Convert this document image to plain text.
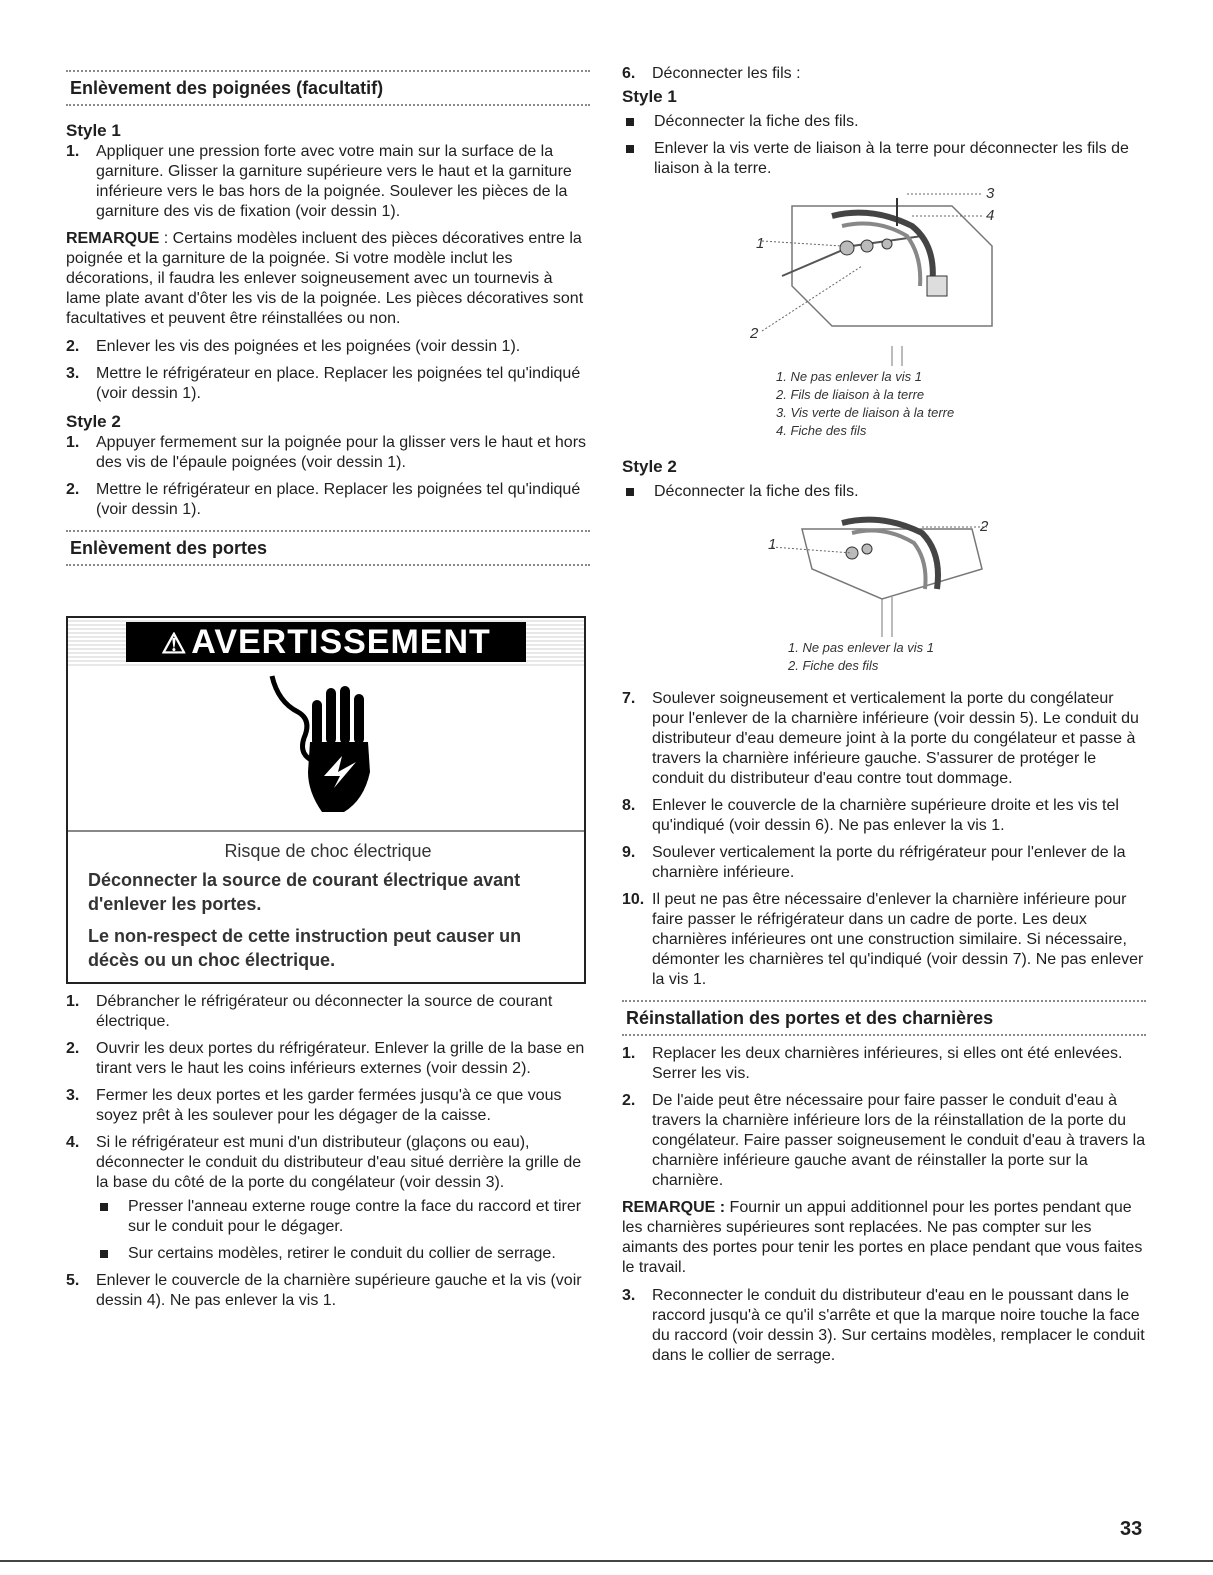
Enlèvement des poignées (facultatif)
Style 1
1.	Appliquer une pression forte avec votre main sur la surface de la garniture. Glisser la garniture supérieure vers le haut et la garniture inférieure vers le bas hors de la poignée. Soulever les pièces de la garniture des vis de fixation (voir dessin 1).

REMARQUE : Certains modèles incluent des pièces décoratives entre la poignée et la garniture de la poignée. Si votre modèle inclut les décorations, il faudra les enlever soigneusement avec un tournevis à lame plate avant d'ôter les vis de la poignée. Les pièces décoratives sont facultatives et peuvent être réinstallées ou non.

2.	Enlever les vis des poignées et les poignées (voir dessin 1).
3.	Mettre le réfrigérateur en place. Replacer les poignées tel qu'indiqué (voir dessin 1).
Style 2
1.	Appuyer fermement sur la poignée pour la glisser vers le haut et hors des vis de l'épaule poignées (voir dessin 1).
2.	Mettre le réfrigérateur en place. Replacer les poignées tel qu'indiqué (voir dessin 1).
Enlèvement des portes
⚠ AVERTISSEMENT
Risque de choc électrique
Déconnecter la source de courant électrique avant d'enlever les portes.
Le non-respect de cette instruction peut causer un décès ou un choc électrique.
1.	Débrancher le réfrigérateur ou déconnecter la source de courant électrique.
2.	Ouvrir les deux portes du réfrigérateur. Enlever la grille de la base en tirant vers le haut les coins inférieurs externes (voir dessin 2).
3.	Fermer les deux portes et les garder fermées jusqu'à ce que vous soyez prêt à les soulever pour les dégager de la caisse.
4.	Si le réfrigérateur est muni d'un distributeur (glaçons ou eau), déconnecter le conduit du distributeur d'eau situé derrière la grille de la base du côté de la porte du congélateur (voir dessin 3).
Presser l'anneau externe rouge contre la face du raccord et tirer sur le conduit pour le dégager.
Sur certains modèles, retirer le conduit du collier de serrage.
5.	Enlever le couvercle de la charnière supérieure gauche et la vis (voir dessin 4). Ne pas enlever la vis 1.
6.	Déconnecter les fils :
Style 1
Déconnecter la fiche des fils.
Enlever la vis verte de liaison à la terre pour déconnecter les fils de liaison à la terre.
1
2
3
4
1. Ne pas enlever la vis 1
2. Fils de liaison à la terre
3. Vis verte de liaison à la terre
4. Fiche des fils
Style 2
Déconnecter la fiche des fils.
1
2
1. Ne pas enlever la vis 1
2. Fiche des fils
7.	Soulever soigneusement et verticalement la porte du congélateur pour l'enlever de la charnière inférieure (voir dessin 5). Le conduit du distributeur d'eau demeure joint à la porte du congélateur et passe à travers la charnière inférieure gauche. S'assurer de protéger le conduit du distributeur d'eau contre tout dommage.
8.	Enlever le couvercle de la charnière supérieure droite et les vis tel qu'indiqué (voir dessin 6). Ne pas enlever la vis 1.
9.	Soulever verticalement la porte du réfrigérateur pour l'enlever de la charnière inférieure.
10. Il peut ne pas être nécessaire d'enlever la charnière inférieure pour faire passer le réfrigérateur dans un cadre de porte. Les deux charnières inférieures ont une construction similaire. Si nécessaire, démonter les charnières tel qu'indiqué (voir dessin 7). Ne pas enlever la vis 1.
Réinstallation des portes et des charnières
1.	Replacer les deux charnières inférieures, si elles ont été enlevées. Serrer les vis.
2.	De l'aide peut être nécessaire pour faire passer le conduit d'eau à travers la charnière inférieure lors de la réinstallation de la porte du congélateur. Faire passer soigneusement le conduit d'eau à travers la charnière inférieure gauche avant de réinstaller la porte sur la charnière.

REMARQUE : Fournir un appui additionnel pour les portes pendant que les charnières supérieures sont replacées. Ne pas compter sur les aimants des portes pour tenir les portes en place pendant que vous faites le travail.

3.	Reconnecter le conduit du distributeur d'eau en le poussant dans le raccord jusqu'à ce qu'il s'arrête et que la marque noire touche la face du raccord (voir dessin 3). Sur certains modèles, remplacer le conduit dans le collier de serrage.
33
